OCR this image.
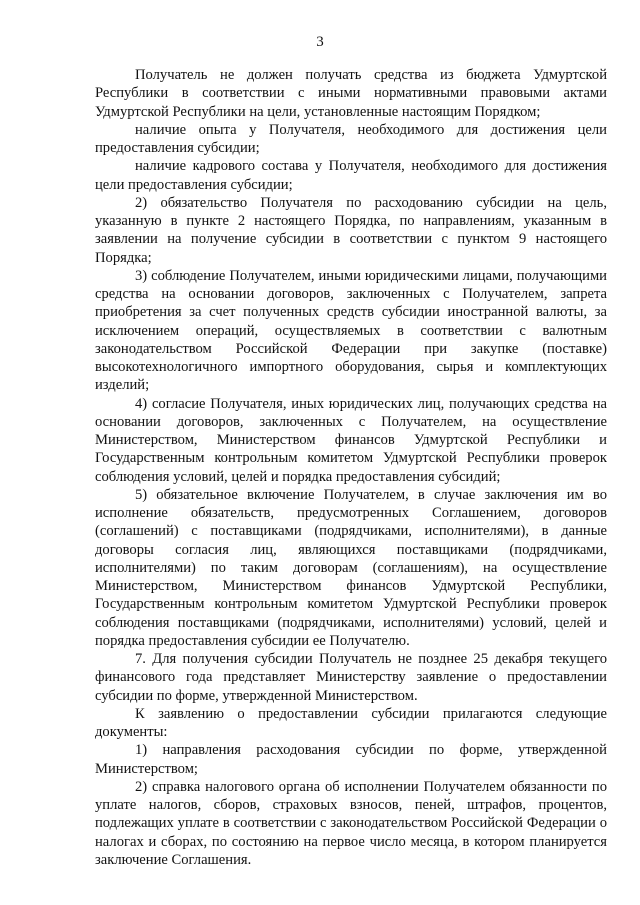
3

Получатель не должен получать средства из бюджета Удмуртской Республики в соответствии с иными нормативными правовыми актами Удмуртской Республики на цели, установленные настоящим Порядком;

наличие опыта у Получателя, необходимого для достижения цели предоставления субсидии;

наличие кадрового состава у Получателя, необходимого для достижения цели предоставления субсидии;

2) обязательство Получателя по расходованию субсидии на цель, указанную в пункте 2 настоящего Порядка, по направлениям, указанным в заявлении на получение субсидии в соответствии с пунктом 9 настоящего Порядка;

3) соблюдение Получателем, иными юридическими лицами, получающими средства на основании договоров, заключенных с Получателем, запрета приобретения за счет полученных средств субсидии иностранной валюты, за исключением операций, осуществляемых в соответствии с валютным законодательством Российской Федерации при закупке (поставке) высокотехнологичного импортного оборудования, сырья и комплектующих изделий;

4) согласие Получателя, иных юридических лиц, получающих средства на основании договоров, заключенных с Получателем, на осуществление Министерством, Министерством финансов Удмуртской Республики и Государственным контрольным комитетом Удмуртской Республики проверок соблюдения условий, целей и порядка предоставления субсидий;

5) обязательное включение Получателем, в случае заключения им во исполнение обязательств, предусмотренных Соглашением, договоров (соглашений) с поставщиками (подрядчиками, исполнителями), в данные договоры согласия лиц, являющихся поставщиками (подрядчиками, исполнителями) по таким договорам (соглашениям), на осуществление Министерством, Министерством финансов Удмуртской Республики, Государственным контрольным комитетом Удмуртской Республики проверок соблюдения поставщиками (подрядчиками, исполнителями) условий, целей и порядка предоставления субсидии ее Получателю.

7. Для получения субсидии Получатель не позднее 25 декабря текущего финансового года представляет Министерству заявление о предоставлении субсидии по форме, утвержденной Министерством.

К заявлению о предоставлении субсидии прилагаются следующие документы:

1) направления расходования субсидии по форме, утвержденной Министерством;

2) справка налогового органа об исполнении Получателем обязанности по уплате налогов, сборов, страховых взносов, пеней, штрафов, процентов, подлежащих уплате в соответствии с законодательством Российской Федерации о налогах и сборах, по состоянию на первое число месяца, в котором планируется заключение Соглашения.
